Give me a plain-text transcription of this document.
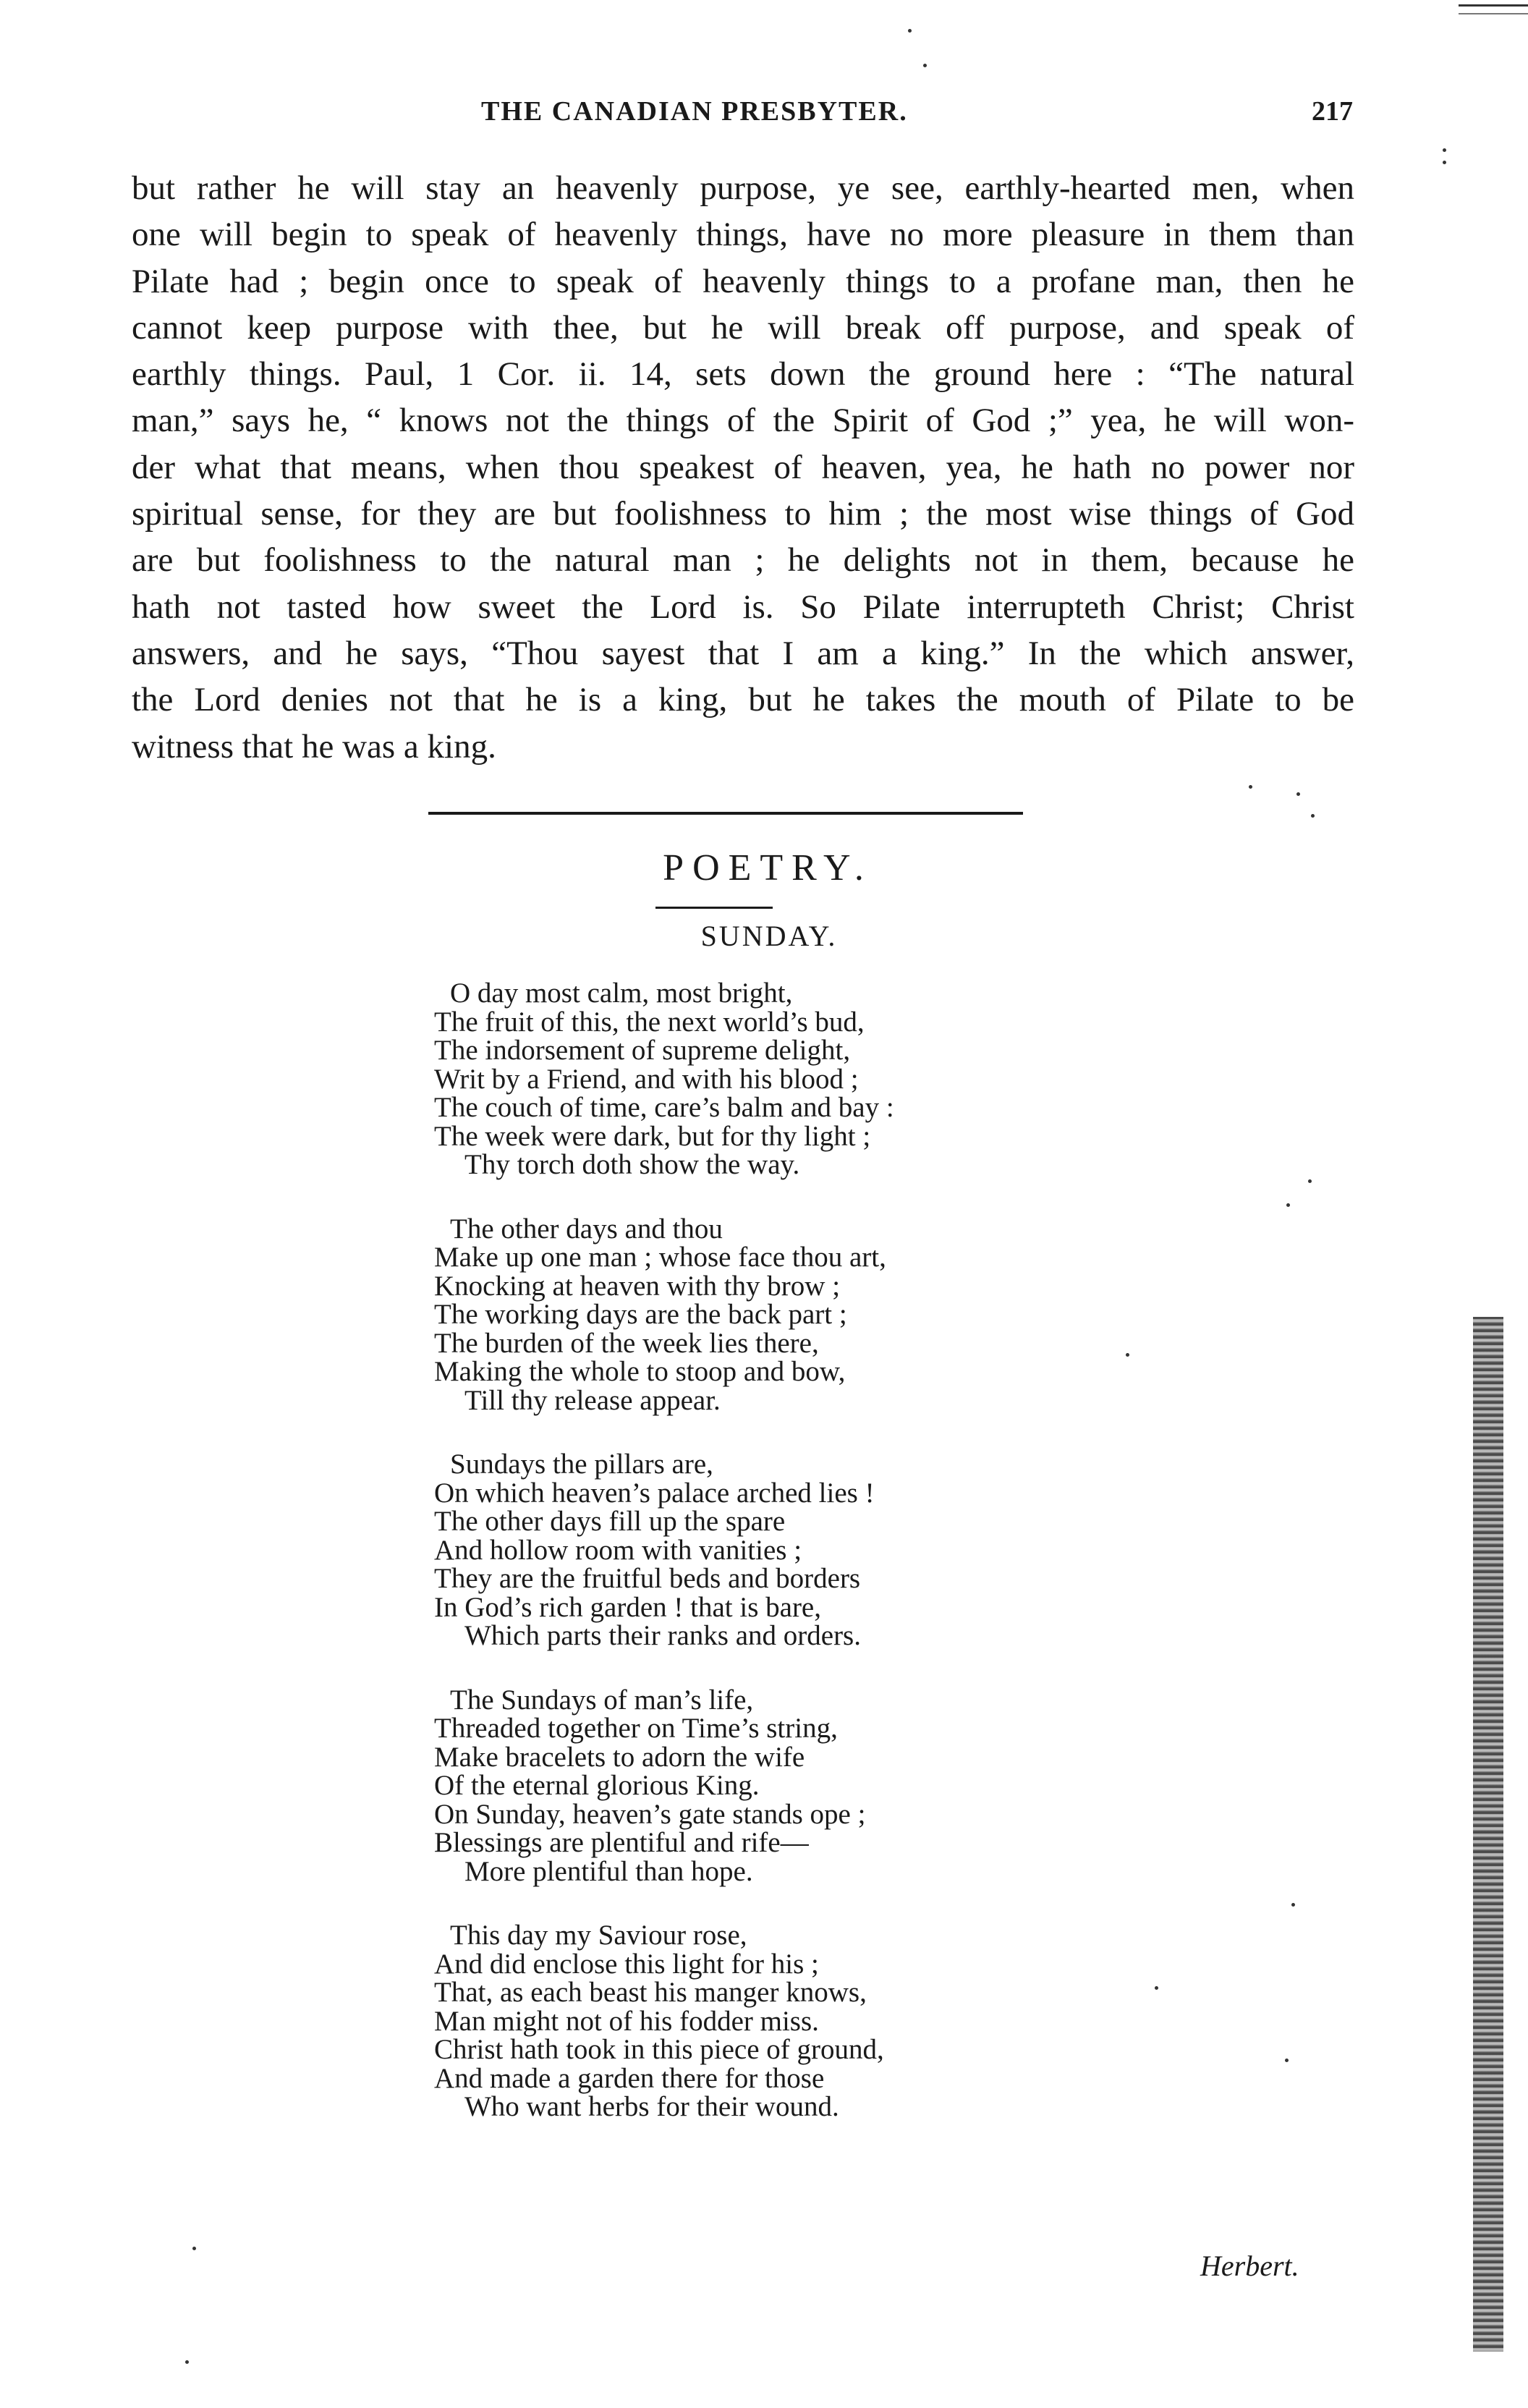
THE CANADIAN PRESBYTER.	217
but rather he will stay an heavenly purpose, ye see, earthly-hearted men, when
one will begin to speak of heavenly things, have no more pleasure in them than
Pilate had ; begin once to speak of heavenly things to a profane man, then he
cannot keep purpose with thee, but he will break off purpose, and speak of
earthly things. Paul, 1 Cor. ii. 14, sets down the ground here : “The natural
man,” says he, “ knows not the things of the Spirit of God ;” yea, he will won-
der what that means, when thou speakest of heaven, yea, he hath no power nor
spiritual sense, for they are but foolishness to him ; the most wise things of God
are but foolishness to the natural man ; he delights not in them, because he
hath not tasted how sweet the Lord is. So Pilate interrupteth Christ; Christ
answers, and he says, “Thou sayest that I am a king.” In the which answer,
the Lord denies not that he is a king, but he takes the mouth of Pilate to be
witness that he was a king.
POETRY.
SUNDAY.
O day most calm, most bright,
The fruit of this, the next world’s bud,
The indorsement of supreme delight,
Writ by a Friend, and with his blood ;
The couch of time, care’s balm and bay :
The week were dark, but for thy light ;
Thy torch doth show the way.
The other days and thou
Make up one man ; whose face thou art,
Knocking at heaven with thy brow ;
The working days are the back part ;
The burden of the week lies there,
Making the whole to stoop and bow,
Till thy release appear.
Sundays the pillars are,
On which heaven’s palace arched lies !
The other days fill up the spare
And hollow room with vanities ;
They are the fruitful beds and borders
In God’s rich garden ! that is bare,
Which parts their ranks and orders.
The Sundays of man’s life,
Threaded together on Time’s string,
Make bracelets to adorn the wife
Of the eternal glorious King.
On Sunday, heaven’s gate stands ope ;
Blessings are plentiful and rife—
More plentiful than hope.
This day my Saviour rose,
And did enclose this light for his ;
That, as each beast his manger knows,
Man might not of his fodder miss.
Christ hath took in this piece of ground,
And made a garden there for those
Who want herbs for their wound.
Herbert.
